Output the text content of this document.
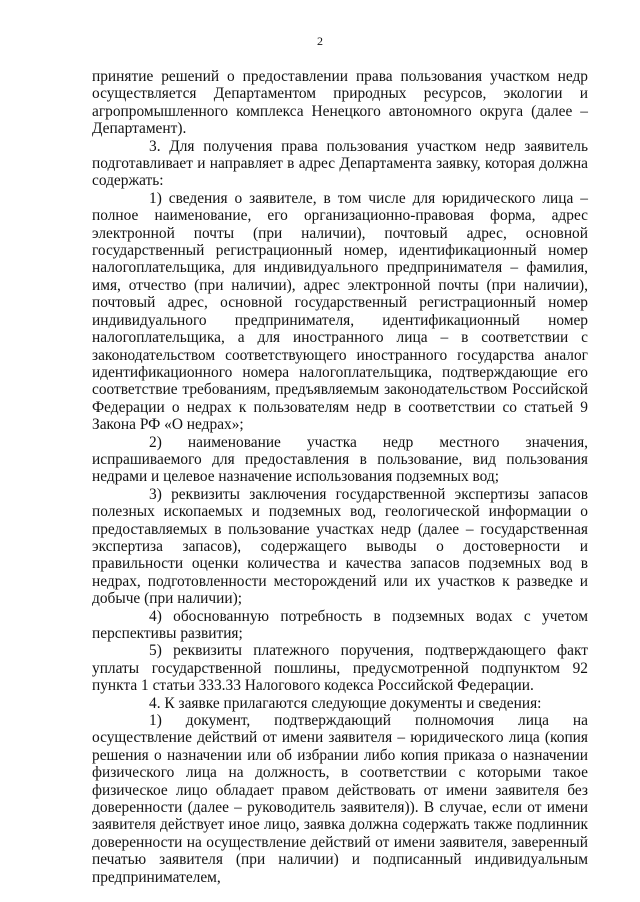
2

принятие решений о предоставлении права пользования участком недр осуществляется Департаментом природных ресурсов, экологии и агропромышленного комплекса Ненецкого автономного округа (далее – Департамент).

3. Для получения права пользования участком недр заявитель подготавливает и направляет в адрес Департамента заявку, которая должна содержать:

1) сведения о заявителе, в том числе для юридического лица – полное наименование, его организационно-правовая форма, адрес электронной почты (при наличии), почтовый адрес, основной государственный регистрационный номер, идентификационный номер налогоплательщика, для индивидуального предпринимателя – фамилия, имя, отчество (при наличии), адрес электронной почты (при наличии), почтовый адрес, основной государственный регистрационный номер индивидуального предпринимателя, идентификационный номер налогоплательщика, а для иностранного лица – в соответствии с законодательством соответствующего иностранного государства аналог идентификационного номера налогоплательщика, подтверждающие его соответствие требованиям, предъявляемым законодательством Российской Федерации о недрах к пользователям недр в соответствии со статьей 9 Закона РФ «О недрах»;

2) наименование участка недр местного значения, испрашиваемого для предоставления в пользование, вид пользования недрами и целевое назначение использования подземных вод;

3) реквизиты заключения государственной экспертизы запасов полезных ископаемых и подземных вод, геологической информации о предоставляемых в пользование участках недр (далее – государственная экспертиза запасов), содержащего выводы о достоверности и правильности оценки количества и качества запасов подземных вод в недрах, подготовленности месторождений или их участков к разведке и добыче (при наличии);

4) обоснованную потребность в подземных водах с учетом перспективы развития;

5) реквизиты платежного поручения, подтверждающего факт уплаты государственной пошлины, предусмотренной подпунктом 92 пункта 1 статьи 333.33 Налогового кодекса Российской Федерации.

4. К заявке прилагаются следующие документы и сведения:

1) документ, подтверждающий полномочия лица на осуществление действий от имени заявителя – юридического лица (копия решения о назначении или об избрании либо копия приказа о назначении физического лица на должность, в соответствии с которыми такое физическое лицо обладает правом действовать от имени заявителя без доверенности (далее – руководитель заявителя)). В случае, если от имени заявителя действует иное лицо, заявка должна содержать также подлинник доверенности на осуществление действий от имени заявителя, заверенный печатью заявителя (при наличии) и подписанный индивидуальным предпринимателем,
